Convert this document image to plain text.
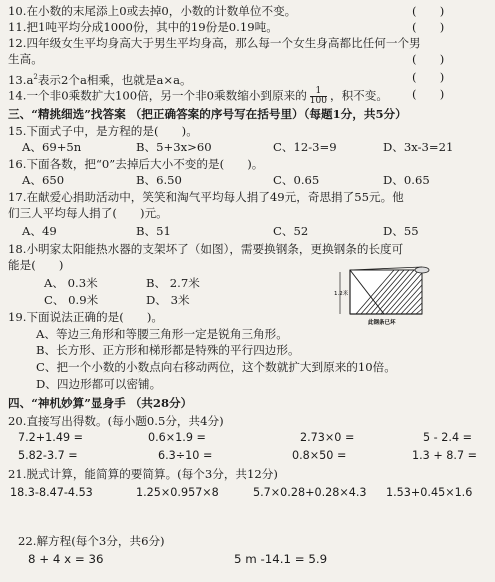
10.在小数的末尾添上0或去掉0，小数的计数单位不变。	(　　)
11.把1吨平均分成1000份，其中的19份是0.19吨。	(　　)
12.四年级女生平均身高大于男生平均身高，那么每一个女生身高都比任何一个男
生高。	(　　)
$13.a^2$表示2个a相乘，也就是a×a。	(　　)
14.一个非0乘数扩大100倍，另一个非0乘数缩小到原来的 $\frac{1}{100}$ ，积不变。 (　　)
三、“精挑细选”找答案 （把正确答案的序号写在括号里）（每题1分，共5分）
15.下面式子中，是方程的是(　　)。
A、69+5n	B、5+3x>60	C、12-3=9	D、3x-3=21
16.下面各数，把“0”去掉后大小不变的是(　　)。
A、650	B、6.50	C、0.65	D、0.65
17.在献爱心捐助活动中，笑笑和淘气平均每人捐了49元，奇思捐了55元。他
们三人平均每人捐了(　　)元。
A、49	B、51	C、52	D、55
18.小明家太阳能热水器的支架坏了（如图），需要换钢条，更换钢条的长度可
能是(　　)
A、 0.3米	B、 2.7米
C、 0.9米	D、 3米	1.2米
此钢条已坏
19.下面说法正确的是(　　)。
A、等边三角形和等腰三角形一定是锐角三角形。
B、长方形、正方形和梯形都是特殊的平行四边形。
C、把一个小数的小数点向右移动两位，这个数就扩大到原来的10倍。
D、四边形都可以密铺。
四、“神机妙算”显身手 （共28分）
20.直接写出得数。(每小题0.5分，共4分)
7.2+1.49 =	0.6×1.9 =	2.73×0 =	5 - 2.4 =
5.82-3.7 =	6.3÷10 =	0.8×50 =	1.3 + 8.7 =
21.脱式计算，能简算的要简算。(每个3分，共12分)
18.3-8.47-4.53	1.25×0.957×8	5.7×0.28+0.28×4.3 1.53+0.45×1.6
22.解方程(每个3分，共6分)
8 + 4 x = 36	5 m -14.1 = 5.9
